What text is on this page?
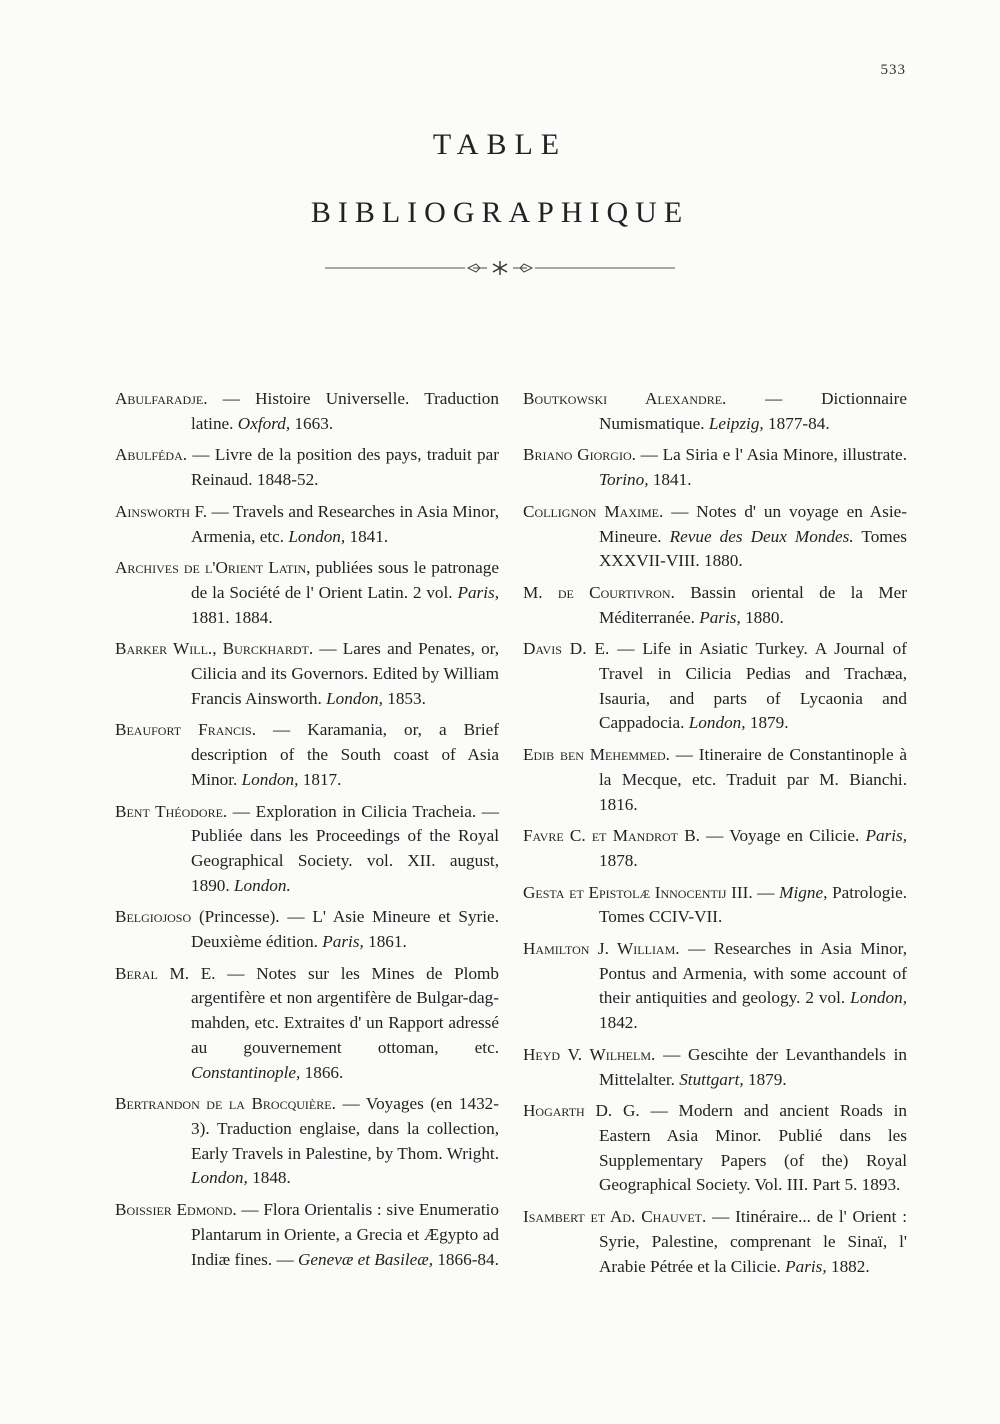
533
TABLE
BIBLIOGRAPHIQUE

Abulfaradje. — Histoire Universelle. Traduction latine. Oxford, 1663.

Abulféda. — Livre de la position des pays, traduit par Reinaud. 1848-52.

Ainsworth F. — Travels and Researches in Asia Minor, Armenia, etc. London, 1841.

Archives de l'Orient Latin, publiées sous le patronage de la Société de l' Orient Latin. 2 vol. Paris, 1881. 1884.

Barker Will., Burckhardt. — Lares and Penates, or, Cilicia and its Governors. Edited by William Francis Ainsworth. London, 1853.

Beaufort Francis. — Karamania, or, a Brief description of the South coast of Asia Minor. London, 1817.

Bent Théodore. — Exploration in Cilicia Tracheia. — Publiée dans les Proceedings of the Royal Geographical Society. vol. XII. august, 1890. London.

Belgiojoso (Princesse). — L' Asie Mineure et Syrie. Deuxième édition. Paris, 1861.

Beral M. E. — Notes sur les Mines de Plomb argentifère et non argentifère de Bulgar-dag-mahden, etc. Extraites d' un Rapport adressé au gouvernement ottoman, etc. Constantinople, 1866.

Bertrandon de la Brocquière. — Voyages (en 1432-3). Traduction englaise, dans la collection, Early Travels in Palestine, by Thom. Wright. London, 1848.

Boissier Edmond. — Flora Orientalis : sive Enumeratio Plantarum in Oriente, a Grecia et Ægypto ad Indiæ fines. — Genevæ et Basileæ, 1866-84.

Boutkowski Alexandre. — Dictionnaire Numismatique. Leipzig, 1877-84.

Briano Giorgio. — La Siria e l' Asia Minore, illustrate. Torino, 1841.

Collignon Maxime. — Notes d' un voyage en Asie-Mineure. Revue des Deux Mondes. Tomes XXXVII-VIII. 1880.

M. de Courtivron. Bassin oriental de la Mer Méditerranée. Paris, 1880.

Davis D. E. — Life in Asiatic Turkey. A Journal of Travel in Cilicia Pedias and Trachæa, Isauria, and parts of Lycaonia and Cappadocia. London, 1879.

Edib ben Mehemmed. — Itineraire de Constantinople à la Mecque, etc. Traduit par M. Bianchi. 1816.

Favre C. et Mandrot B. — Voyage en Cilicie. Paris, 1878.

Gesta et Epistolæ Innocentij III. — Migne, Patrologie. Tomes CCIV-VII.

Hamilton J. William. — Researches in Asia Minor, Pontus and Armenia, with some account of their antiquities and geology. 2 vol. London, 1842.

Heyd V. Wilhelm. — Gescihte der Levanthandels in Mittelalter. Stuttgart, 1879.

Hogarth D. G. — Modern and ancient Roads in Eastern Asia Minor. Publié dans les Supplementary Papers (of the) Royal Geographical Society. Vol. III. Part 5. 1893.

Isambert et Ad. Chauvet. — Itinéraire... de l' Orient : Syrie, Palestine, comprenant le Sinaï, l' Arabie Pétrée et la Cilicie. Paris, 1882.
